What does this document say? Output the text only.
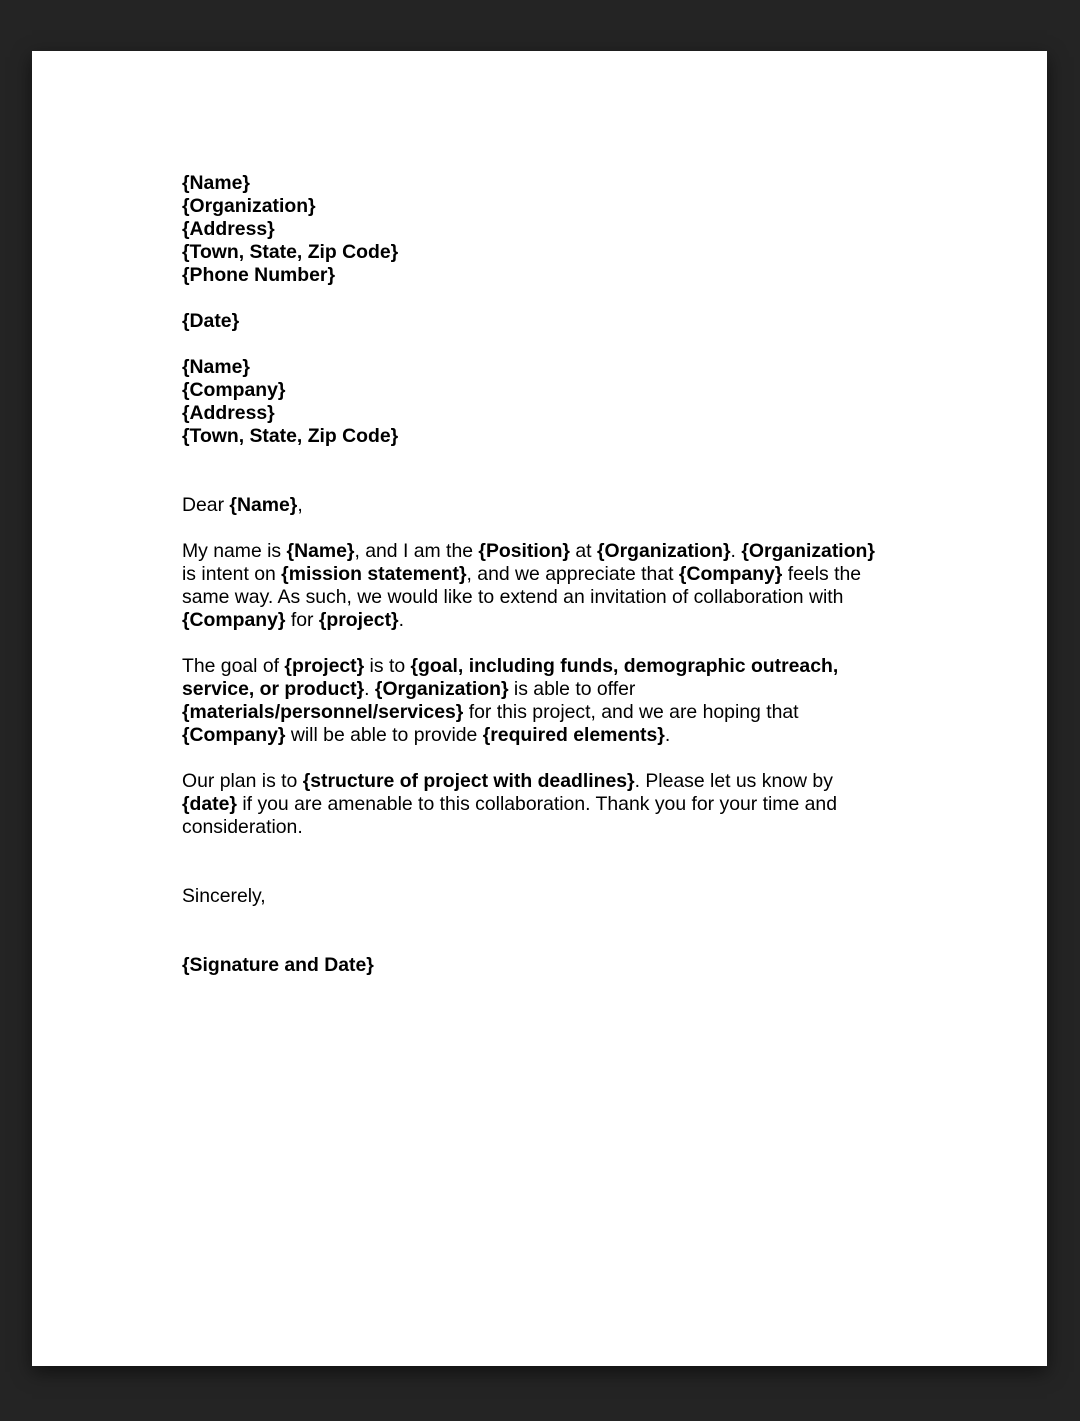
{Name}
{Organization}
{Address}
{Town, State, Zip Code}
{Phone Number}
{Date}
{Name}
{Company}
{Address}
{Town, State, Zip Code}

Dear {Name},

My name is {Name}, and I am the {Position} at {Organization}. {Organization}
is intent on {mission statement}, and we appreciate that {Company} feels the
same way. As such, we would like to extend an invitation of collaboration with
{Company} for {project}.

The goal of {project} is to {goal, including funds, demographic outreach,
service, or product}. {Organization} is able to offer
{materials/personnel/services} for this project, and we are hoping that
{Company} will be able to provide {required elements}.

Our plan is to {structure of project with deadlines}. Please let us know by
{date} if you are amenable to this collaboration. Thank you for your time and
consideration.

Sincerely,

{Signature and Date}
